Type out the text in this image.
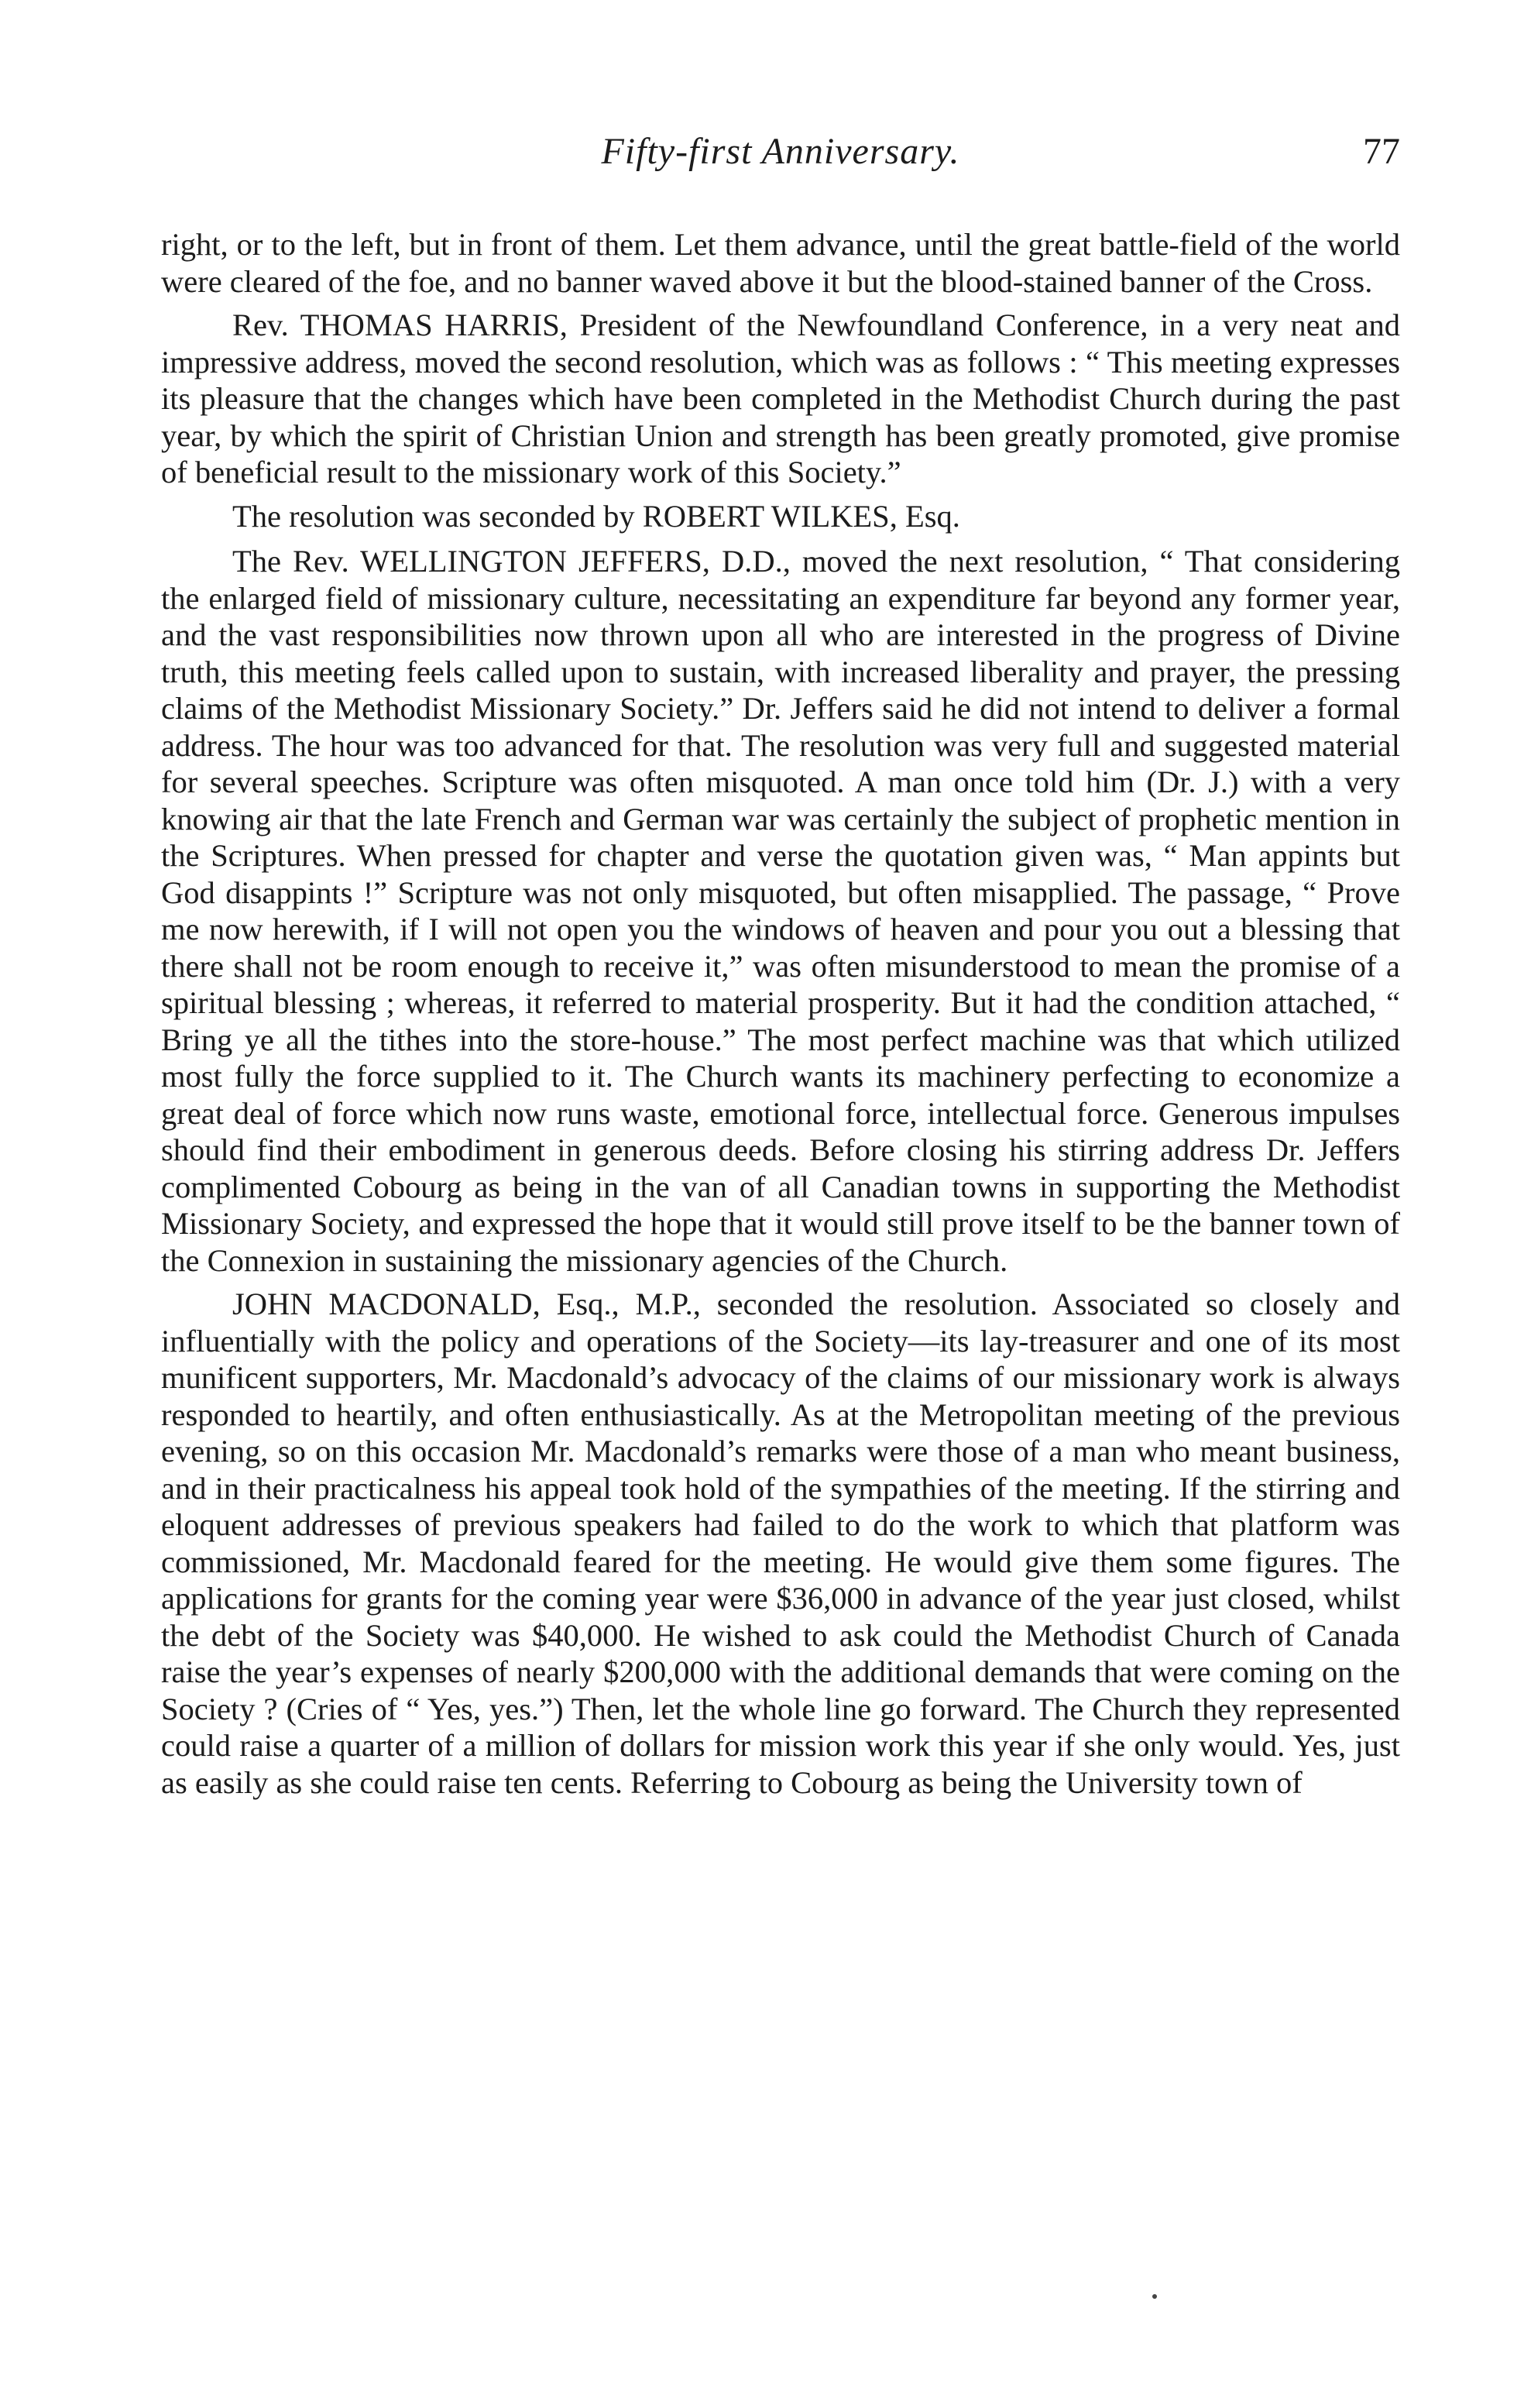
Fifty-first Anniversary.	77

right, or to the left, but in front of them. Let them advance, until the great battle-field of the world were cleared of the foe, and no banner waved above it but the blood-stained banner of the Cross.

Rev. THOMAS HARRIS, President of the Newfoundland Conference, in a very neat and impressive address, moved the second resolution, which was as follows : “ This meeting expresses its pleasure that the changes which have been completed in the Methodist Church during the past year, by which the spirit of Christian Union and strength has been greatly promoted, give promise of beneficial result to the missionary work of this Society.”

The resolution was seconded by ROBERT WILKES, Esq.

The Rev. WELLINGTON JEFFERS, D.D., moved the next resolution, “ That considering the enlarged field of missionary culture, necessitating an expenditure far beyond any former year, and the vast responsibilities now thrown upon all who are interested in the progress of Divine truth, this meeting feels called upon to sustain, with increased liberality and prayer, the pressing claims of the Methodist Missionary Society.” Dr. Jeffers said he did not intend to deliver a formal address. The hour was too advanced for that. The resolution was very full and suggested material for several speeches. Scripture was often misquoted. A man once told him (Dr. J.) with a very knowing air that the late French and German war was certainly the subject of prophetic mention in the Scriptures. When pressed for chapter and verse the quotation given was, “ Man appints but God disappints !” Scripture was not only misquoted, but often misapplied. The passage, “ Prove me now herewith, if I will not open you the windows of heaven and pour you out a blessing that there shall not be room enough to receive it,” was often misunderstood to mean the promise of a spiritual blessing ; whereas, it referred to material prosperity. But it had the condition attached, “ Bring ye all the tithes into the store-house.” The most perfect machine was that which utilized most fully the force supplied to it. The Church wants its machinery perfecting to economize a great deal of force which now runs waste, emotional force, intellectual force. Generous impulses should find their embodiment in generous deeds. Before closing his stirring address Dr. Jeffers complimented Cobourg as being in the van of all Canadian towns in supporting the Methodist Missionary Society, and expressed the hope that it would still prove itself to be the banner town of the Connexion in sustaining the missionary agencies of the Church.

JOHN MACDONALD, Esq., M.P., seconded the resolution. Associated so closely and influentially with the policy and operations of the Society—its lay-treasurer and one of its most munificent supporters, Mr. Macdonald’s advocacy of the claims of our missionary work is always responded to heartily, and often enthusiastically. As at the Metropolitan meeting of the previous evening, so on this occasion Mr. Macdonald’s remarks were those of a man who meant business, and in their practicalness his appeal took hold of the sympathies of the meeting. If the stirring and eloquent addresses of previous speakers had failed to do the work to which that platform was commissioned, Mr. Macdonald feared for the meeting. He would give them some figures. The applications for grants for the coming year were $36,000 in advance of the year just closed, whilst the debt of the Society was $40,000. He wished to ask could the Methodist Church of Canada raise the year’s expenses of nearly $200,000 with the additional demands that were coming on the Society ? (Cries of “ Yes, yes.”) Then, let the whole line go forward. The Church they represented could raise a quarter of a million of dollars for mission work this year if she only would. Yes, just as easily as she could raise ten cents. Referring to Cobourg as being the University town of
